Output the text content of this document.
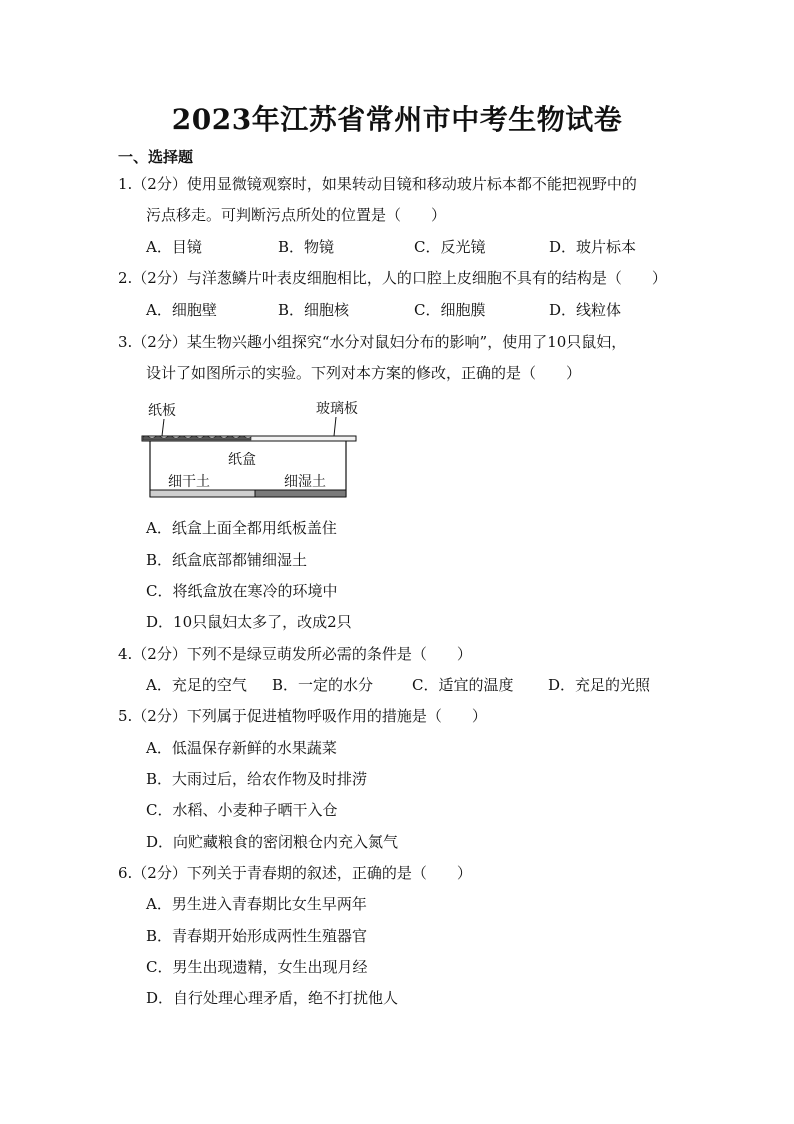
2023年江苏省常州市中考生物试卷
一、选择题
1.（2分）使用显微镜观察时，如果转动目镜和移动玻片标本都不能把视野中的
污点移走。可判断污点所处的位置是（　　）
A．目镜	B．物镜	C．反光镜	D．玻片标本
2.（2分）与洋葱鳞片叶表皮细胞相比，人的口腔上皮细胞不具有的结构是（　　）
A．细胞壁	B．细胞核	C．细胞膜	D．线粒体
3.（2分）某生物兴趣小组探究“水分对鼠妇分布的影响”，使用了10只鼠妇，
设计了如图所示的实验。下列对本方案的修改，正确的是（　　）
纸板	玻璃板
纸盒
细干土	细湿土
A．纸盒上面全都用纸板盖住
B．纸盒底部都铺细湿土
C．将纸盒放在寒冷的环境中
D．10只鼠妇太多了，改成2只
4.（2分）下列不是绿豆萌发所必需的条件是（　　）
A．充足的空气 B．一定的水分	C．适宜的温度 D．充足的光照
5.（2分）下列属于促进植物呼吸作用的措施是（　　）
A．低温保存新鲜的水果蔬菜
B．大雨过后，给农作物及时排涝
C．水稻、小麦种子晒干入仓
D．向贮藏粮食的密闭粮仓内充入氮气
6.（2分）下列关于青春期的叙述，正确的是（　　）
A．男生进入青春期比女生早两年
B．青春期开始形成两性生殖器官
C．男生出现遗精，女生出现月经
D．自行处理心理矛盾，绝不打扰他人
